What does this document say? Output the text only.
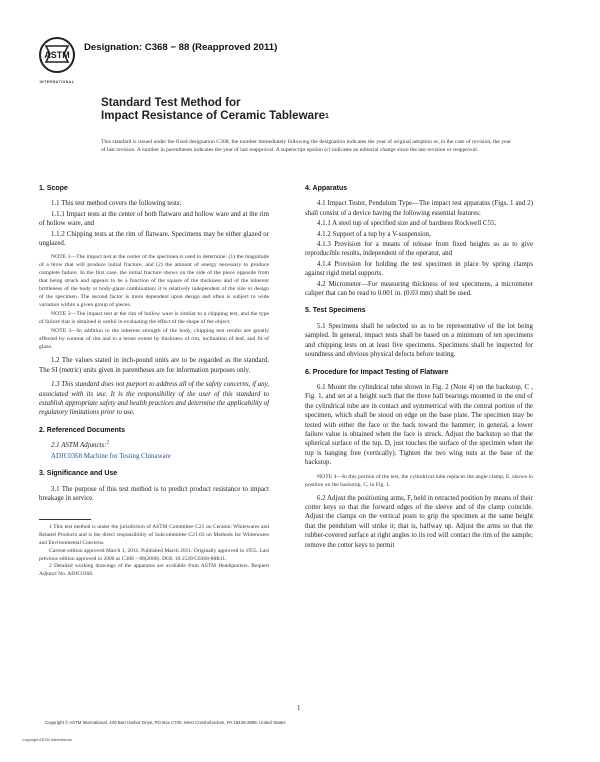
ASTM
INTERNATIONAL
Designation: C368 − 88 (Reapproved 2011)
Standard Test Method for
Impact Resistance of Ceramic Tableware$^1$
This standard is issued under the fixed designation C368; the number immediately following the designation indicates the year of original adoption or, in the case of revision, the year of last revision. A number in parentheses indicates the year of last reapproval. A superscript epsilon (ε) indicates an editorial change since the last revision or reapproval.
1. Scope

1.1 This test method covers the following tests:

1.1.1 Impact tests at the center of both flatware and hollow ware and at the rim of hollow ware, and

1.1.2 Chipping tests at the rim of flatware. Specimens may be either glazed or unglazed.

NOTE 1—The impact test at the center of the specimen is used to determine: (1) the magnitude of a blow that will produce initial fracture, and (2) the amount of energy necessary to produce complete failure. In the first case, the initial fracture shows on the side of the piece opposite from that being struck and appears to be a function of the square of the thickness and of the inherent brittleness of the body or body-glaze combination; it is relatively independent of the size or design of the specimen. The second factor is more dependent upon design and often is subject to wide variation within a given group of pieces.

NOTE 2—The impact test at the rim of hollow ware is similar to a chipping test, and the type of failure that is obtained is useful in evaluating the effect of the shape of the object.

NOTE 3—In addition to the inherent strength of the body, chipping test results are greatly affected by contour of rim and to a lesser extent by thickness of rim, inclination of leaf, and fit of glaze.

1.2 The values stated in inch-pound units are to be regarded as the standard. The SI (metric) units given in parentheses are for information purposes only.

1.3 This standard does not purport to address all of the safety concerns, if any, associated with its use. It is the responsibility of the user of this standard to establish appropriate safety and health practices and determine the applicability of regulatory limitations prior to use.

2. Referenced Documents

2.1 ASTM Adjuncts:$^2$

ADJC0368 Machine for Testing Chinaware

3. Significance and Use

3.1 The purpose of this test method is to predict product resistance to impact breakage in service.

1 This test method is under the jurisdiction of ASTM Committee C21 on Ceramic Whitewares and Related Products and is the direct responsibility of Subcommittee C21.03 on Methods for Whitewares and Environmental Concerns.

Current edition approved March 1, 2011. Published March 2011. Originally approved in 1955. Last previous edition approved in 2006 as C368 – 88(2006). DOI: 10.1520/C0368-88R11.

2 Detailed working drawings of the apparatus are available from ASTM Headquarters. Request Adjunct No. ADJC0368.

4. Apparatus

4.1 Impact Tester, Pendulum Type—The impact test apparatus (Figs. 1 and 2) shall consist of a device having the following essential features:

4.1.1 A steel tup of specified size and of hardness Rockwell C55,

4.1.2 Support of a tup by a V-suspension,

4.1.3 Provision for a means of release from fixed heights so as to give reproducible results, independent of the operator, and

4.1.4 Provision for holding the test specimen in place by spring clamps against rigid metal supports.

4.2 Micrometer—For measuring thickness of test specimens, a micrometer caliper that can be read to 0.001 in. (0.03 mm) shall be used.

5. Test Specimens

5.1 Specimens shall be selected so as to be representative of the lot being sampled. In general, impact tests shall be based on a minimum of ten specimens and chipping tests on at least five specimens. Specimens shall be inspected for soundness and obvious physical defects before testing.

6. Procedure for Impact Testing of Flatware

6.1 Mount the cylindrical tube shown in Fig. 2 (Note 4) on the backstop, C , Fig. 1, and set at a height such that the three ball bearings mounted in the end of the cylindrical tube are in contact and symmetrical with the central portion of the specimen, which shall be stood on edge on the base plate. The specimen may be tested with either the face or the back toward the hammer; in general, a lower failure value is obtained when the face is struck. Adjust the backstop so that the spherical surface of the tup, D, just touches the surface of the specimen when the tup is hanging free (vertically). Tighten the two wing nuts at the base of the backstop.

NOTE 4—In this portion of the test, the cylindrical tube replaces the angle clamp, E, shown in position on the backstop, C, in Fig. 1.

6.2 Adjust the positioning arms, F, held in retracted position by means of their cotter keys so that the forward edges of the sleeve and of the clamp coincide. Adjust the clamps on the vertical posts to grip the specimen at the same height that the pendulum will strike it; that is, halfway up. Adjust the arms so that the rubber-covered surface at right angles to its rod will contact the rim of the sample; remove the cotter keys to permit

1
Copyright © ASTM International, 100 Barr Harbor Drive, PO Box C700, West Conshohocken, PA 19428-2959. United States
Copyright ASTM International
